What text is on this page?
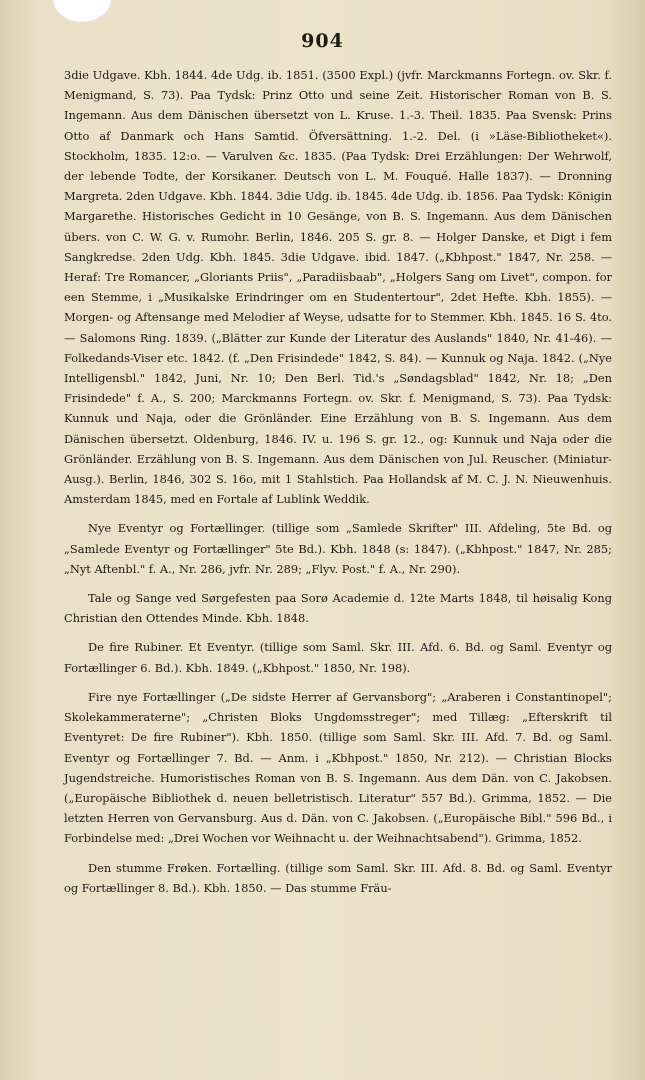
904

3die Udgave. Kbh. 1844. 4de Udg. ib. 1851. (3500 Expl.) (jvfr. Marckmanns Fortegn. ov. Skr. f. Menigmand, S. 73). Paa Tydsk: Prinz Otto und seine Zeit. Historischer Roman von B. S. Ingemann. Aus dem Dänischen übersetzt von L. Kruse. 1.-3. Theil. 1835. Paa Svensk: Prins Otto af Danmark och Hans Samtid. Öfversättning. 1.-2. Del. (i »Läse-Bibliotheket«). Stockholm, 1835. 12:o. — Varulven &c. 1835. (Paa Tydsk: Drei Erzählungen: Der Wehrwolf, der lebende Todte, der Korsikaner. Deutsch von L. M. Fouqué. Halle 1837). — Dronning Margreta. 2den Udgave. Kbh. 1844. 3die Udg. ib. 1845. 4de Udg. ib. 1856. Paa Tydsk: Königin Margarethe. Historisches Gedicht in 10 Gesänge, von B. S. Ingemann. Aus dem Dänischen übers. von C. W. G. v. Rumohr. Berlin, 1846. 205 S. gr. 8. — Holger Danske, et Digt i fem Sangkredse. 2den Udg. Kbh. 1845. 3die Udgave. ibid. 1847. („Kbhpost." 1847, Nr. 258. — Heraf: Tre Romancer, „Gloriants Priis", „Paradiisbaab", „Holgers Sang om Livet", compon. for een Stemme, i „Musikalske Erindringer om en Studentertour", 2det Hefte. Kbh. 1855). — Morgen- og Aftensange med Melodier af Weyse, udsatte for to Stemmer. Kbh. 1845. 16 S. 4to. — Salomons Ring. 1839. („Blätter zur Kunde der Literatur des Auslands" 1840, Nr. 41-46). — Folkedands-Viser etc. 1842. (f. „Den Frisindede" 1842, S. 84). — Kunnuk og Naja. 1842. („Nye Intelligensbl." 1842, Juni, Nr. 10; Den Berl. Tid.'s „Søndagsblad" 1842, Nr. 18; „Den Frisindede" f. A., S. 200; Marckmanns Fortegn. ov. Skr. f. Menigmand, S. 73). Paa Tydsk: Kunnuk und Naja, oder die Grönländer. Eine Erzählung von B. S. Ingemann. Aus dem Dänischen übersetzt. Oldenburg, 1846. IV. u. 196 S. gr. 12., og: Kunnuk und Naja oder die Grönländer. Erzählung von B. S. Ingemann. Aus dem Dänischen von Jul. Reuscher. (Miniatur-Ausg.). Berlin, 1846, 302 S. 16o, mit 1 Stahlstich. Paa Hollandsk af M. C. J. N. Nieuwenhuis. Amsterdam 1845, med en Fortale af Lublink Weddik.

Nye Eventyr og Fortællinger. (tillige som „Samlede Skrifter" III. Afdeling, 5te Bd. og „Samlede Eventyr og Fortællinger" 5te Bd.). Kbh. 1848 (s: 1847). („Kbhpost." 1847, Nr. 285; „Nyt Aftenbl." f. A., Nr. 286, jvfr. Nr. 289; „Flyv. Post." f. A., Nr. 290).

Tale og Sange ved Sørgefesten paa Sorø Academie d. 12te Marts 1848, til høisalig Kong Christian den Ottendes Minde. Kbh. 1848.

De fire Rubiner. Et Eventyr. (tillige som Saml. Skr. III. Afd. 6. Bd. og Saml. Eventyr og Fortællinger 6. Bd.). Kbh. 1849. („Kbhpost." 1850, Nr. 198).

Fire nye Fortællinger („De sidste Herrer af Gervansborg"; „Araberen i Constantinopel"; Skolekammeraterne"; „Christen Bloks Ungdomsstreger"; med Tillæg: „Efterskrift til Eventyret: De fire Rubiner"). Kbh. 1850. (tillige som Saml. Skr. III. Afd. 7. Bd. og Saml. Eventyr og Fortællinger 7. Bd. — Anm. i „Kbhpost." 1850, Nr. 212). — Christian Blocks Jugendstreiche. Humoristisches Roman von B. S. Ingemann. Aus dem Dän. von C. Jakobsen. („Europäische Bibliothek d. neuen belletristisch. Literatur" 557 Bd.). Grimma, 1852. — Die letzten Herren von Gervansburg. Aus d. Dän. von C. Jakobsen. („Europäische Bibl." 596 Bd., i Forbindelse med: „Drei Wochen vor Weihnacht u. der Weihnachtsabend"). Grimma, 1852.

Den stumme Frøken. Fortælling. (tillige som Saml. Skr. III. Afd. 8. Bd. og Saml. Eventyr og Fortællinger 8. Bd.). Kbh. 1850. — Das stumme Fräu-
